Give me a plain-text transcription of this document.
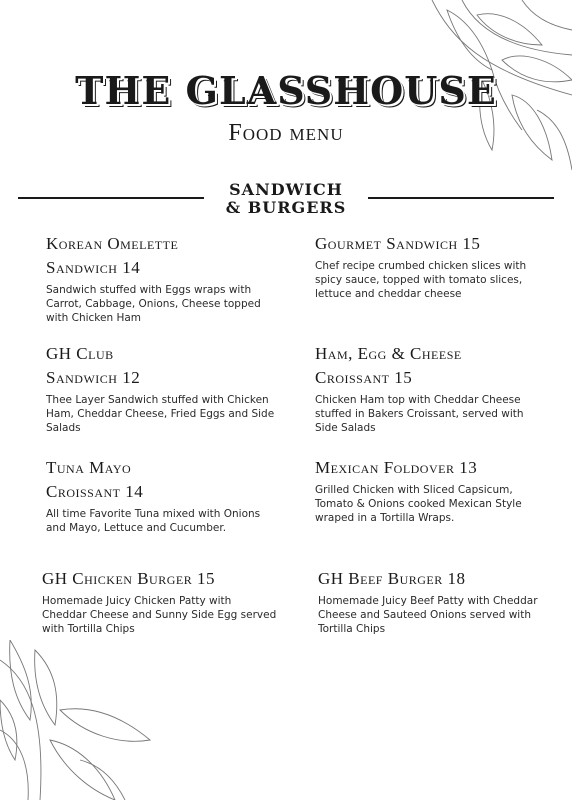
THE GLASSHOUSE
Food menu
SANDWICH
& BURGERS
Korean Omelette
Sandwich 14
Sandwich stuffed with Eggs wraps with Carrot, Cabbage, Onions, Cheese topped with Chicken Ham
Gourmet Sandwich 15
Chef recipe crumbed chicken slices with spicy sauce, topped with tomato slices, lettuce and cheddar cheese
GH Club
Sandwich 12
Thee Layer Sandwich stuffed with Chicken Ham, Cheddar Cheese, Fried Eggs and Side Salads
Ham, Egg & Cheese
Croissant 15
Chicken Ham top with Cheddar Cheese stuffed in Bakers Croissant, served with Side Salads
Tuna Mayo
Croissant 14
All time Favorite Tuna mixed with Onions and Mayo, Lettuce and Cucumber.
Mexican Foldover 13
Grilled Chicken with Sliced Capsicum, Tomato & Onions cooked Mexican Style wraped in a Tortilla Wraps.
GH Chicken Burger 15
Homemade Juicy Chicken Patty with Cheddar Cheese and Sunny Side Egg served with Tortilla Chips
GH Beef Burger 18
Homemade Juicy Beef Patty with Cheddar Cheese and Sauteed Onions served with Tortilla Chips
